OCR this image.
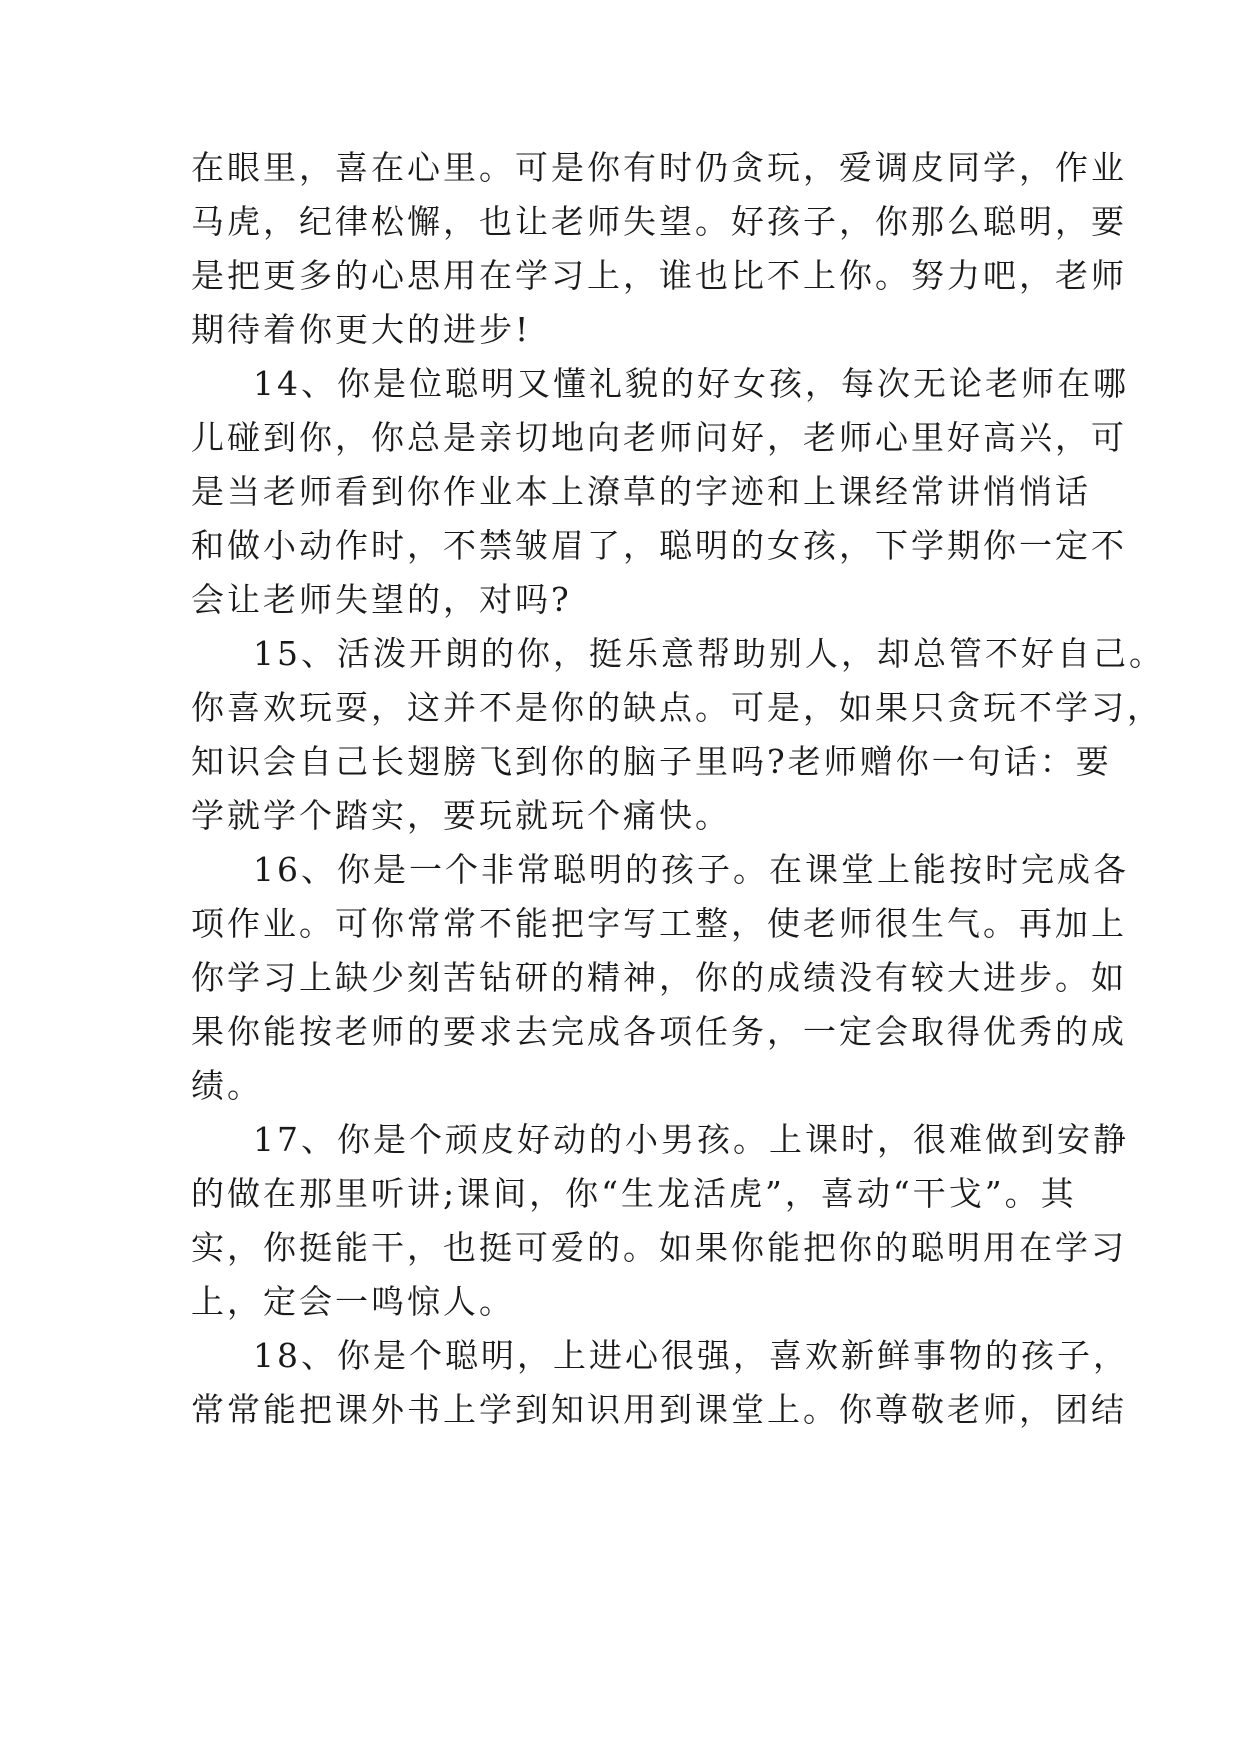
在眼里，喜在心里。可是你有时仍贪玩，爱调皮同学，作业

马虎，纪律松懈，也让老师失望。好孩子，你那么聪明，要

是把更多的心思用在学习上，谁也比不上你。努力吧，老师

期待着你更大的进步!

14、你是位聪明又懂礼貌的好女孩，每次无论老师在哪

儿碰到你，你总是亲切地向老师问好，老师心里好高兴，可

是当老师看到你作业本上潦草的字迹和上课经常讲悄悄话

和做小动作时，不禁皱眉了，聪明的女孩，下学期你一定不

会让老师失望的，对吗?

15、活泼开朗的你，挺乐意帮助别人，却总管不好自己。

你喜欢玩耍，这并不是你的缺点。可是，如果只贪玩不学习，

知识会自己长翅膀飞到你的脑子里吗?老师赠你一句话：要

学就学个踏实，要玩就玩个痛快。

16、你是一个非常聪明的孩子。在课堂上能按时完成各

项作业。可你常常不能把字写工整，使老师很生气。再加上

你学习上缺少刻苦钻研的精神，你的成绩没有较大进步。如

果你能按老师的要求去完成各项任务，一定会取得优秀的成

绩。

17、你是个顽皮好动的小男孩。上课时，很难做到安静

的做在那里听讲;课间，你“生龙活虎”，喜动“干戈”。其

实，你挺能干，也挺可爱的。如果你能把你的聪明用在学习

上，定会一鸣惊人。

18、你是个聪明，上进心很强，喜欢新鲜事物的孩子，

常常能把课外书上学到知识用到课堂上。你尊敬老师，团结
